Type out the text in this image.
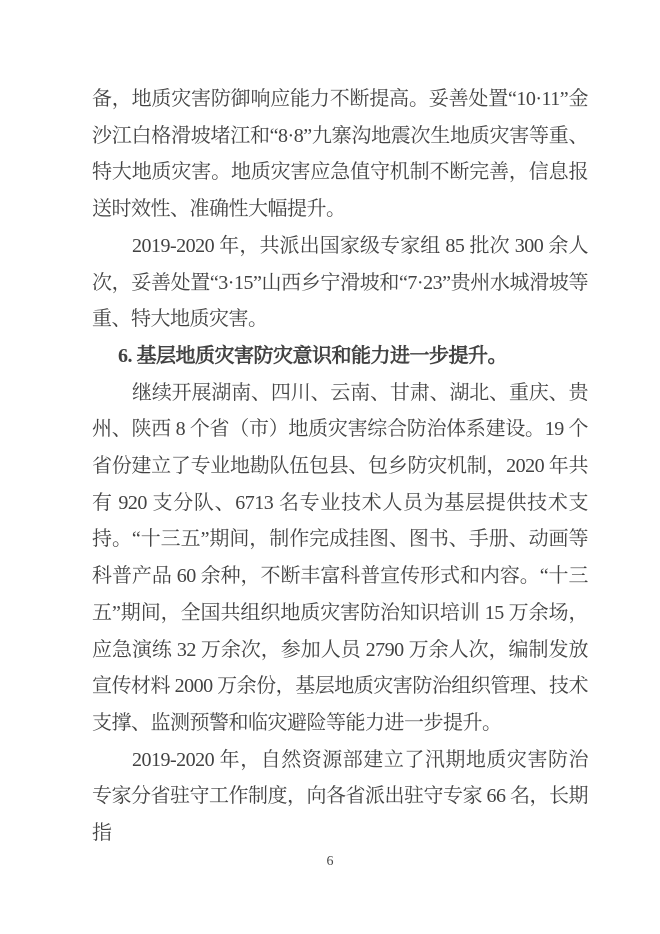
备，地质灾害防御响应能力不断提高。妥善处置“10·11”金沙江白格滑坡堵江和“8·8”九寨沟地震次生地质灾害等重、特大地质灾害。地质灾害应急值守机制不断完善，信息报送时效性、准确性大幅提升。

2019-2020 年，共派出国家级专家组 85 批次 300 余人次，妥善处置“3·15”山西乡宁滑坡和“7·23”贵州水城滑坡等重、特大地质灾害。

6. 基层地质灾害防灾意识和能力进一步提升。

继续开展湖南、四川、云南、甘肃、湖北、重庆、贵州、陕西 8 个省（市）地质灾害综合防治体系建设。19 个省份建立了专业地勘队伍包县、包乡防灾机制，2020 年共有 920 支分队、6713 名专业技术人员为基层提供技术支持。“十三五”期间，制作完成挂图、图书、手册、动画等科普产品 60 余种，不断丰富科普宣传形式和内容。“十三五”期间，全国共组织地质灾害防治知识培训 15 万余场，应急演练 32 万余次，参加人员 2790 万余人次，编制发放宣传材料 2000 万余份，基层地质灾害防治组织管理、技术支撑、监测预警和临灾避险等能力进一步提升。

2019-2020 年，自然资源部建立了汛期地质灾害防治专家分省驻守工作制度，向各省派出驻守专家 66 名，长期指

6
